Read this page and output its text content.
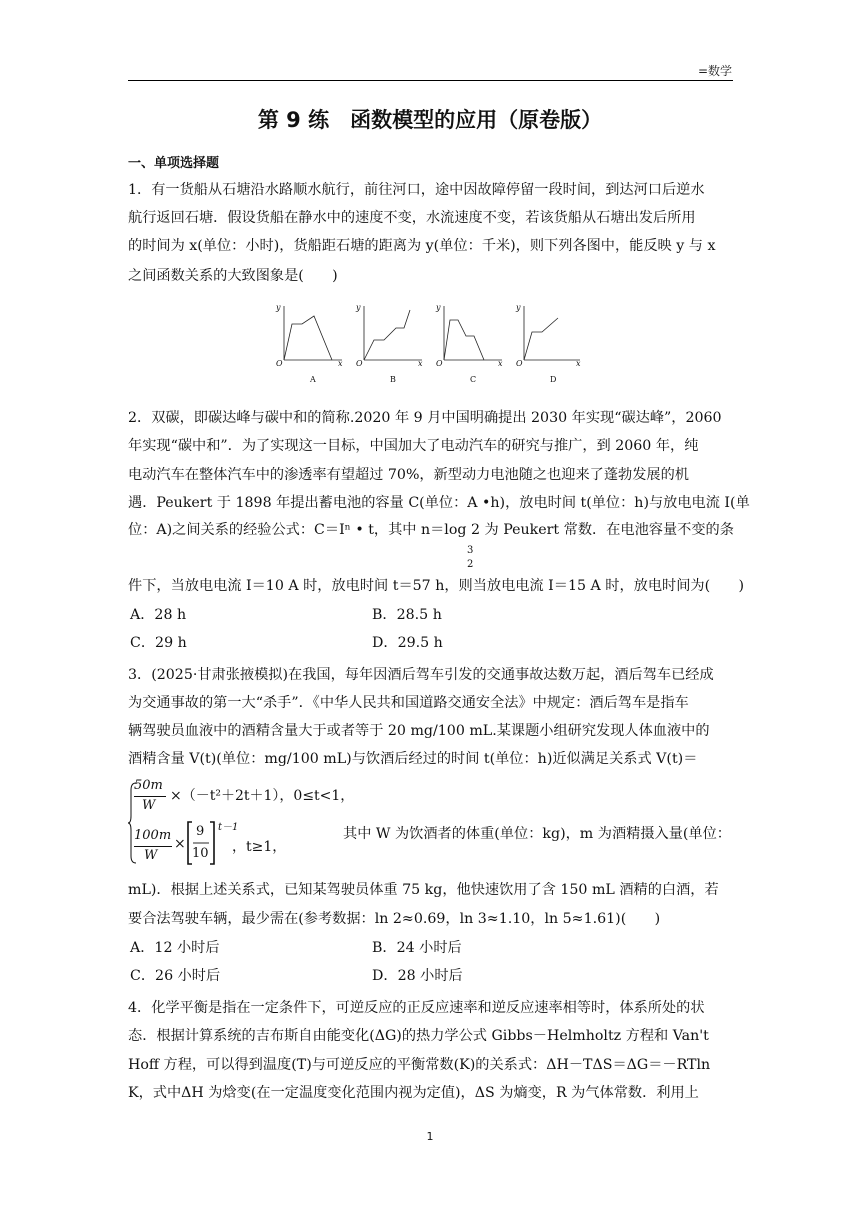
=数学
第 9 练　函数模型的应用（原卷版）
一、单项选择题
1．有一货船从石塘沿水路顺水航行，前往河口，途中因故障停留一段时间，到达河口后逆水
航行返回石塘．假设货船在静水中的速度不变，水流速度不变，若该货船从石塘出发后所用
的时间为 x(单位：小时)，货船距石塘的距离为 y(单位：千米)，则下列各图中，能反映 y 与 x
之间函数关系的大致图象是(　　)
y
x
O
A
y
x
O
B
y
x
O
C
y
x
O
D
2．双碳，即碳达峰与碳中和的简称.2020 年 9 月中国明确提出 2030 年实现“碳达峰”，2060
年实现“碳中和”．为了实现这一目标，中国加大了电动汽车的研究与推广，到 2060 年，纯
电动汽车在整体汽车中的渗透率有望超过 70%，新型动力电池随之也迎来了蓬勃发展的机
遇．Peukert 于 1898 年提出蓄电池的容量 C(单位：A •h)，放电时间 t(单位：h)与放电电流 I(单
位：A)之间关系的经验公式：C＝Iⁿ • t，其中 n＝log 2 为 Peukert 常数．在电池容量不变的条
3
2
件下，当放电电流 I＝10 A 时，放电时间 t＝57 h，则当放电电流 I＝15 A 时，放电时间为(　　)
A．28 h	B．28.5 h
C．29 h	D．29.5 h
3．(2025·甘肃张掖模拟)在我国，每年因酒后驾车引发的交通事故达数万起，酒后驾车已经成
为交通事故的第一大“杀手”．《中华人民共和国道路交通安全法》中规定：酒后驾车是指车
辆驾驶员血液中的酒精含量大于或者等于 20 mg/100 mL.某课题小组研究发现人体血液中的
酒精含量 V(t)(单位：mg/100 mL)与饮酒后经过的时间 t(单位：h)近似满足关系式 V(t)＝
50m
W
×（－t²＋2t＋1），0≤t<1，
100m
W
×
9
10
t－1
，t≥1，
其中 W 为饮酒者的体重(单位：kg)，m 为酒精摄入量(单位：
mL)．根据上述关系式，已知某驾驶员体重 75 kg，他快速饮用了含 150 mL 酒精的白酒，若
要合法驾驶车辆，最少需在(参考数据：ln 2≈0.69，ln 3≈1.10，ln 5≈1.61)(　　)
A．12 小时后	B．24 小时后
C．26 小时后	D．28 小时后
4．化学平衡是指在一定条件下，可逆反应的正反应速率和逆反应速率相等时，体系所处的状
态．根据计算系统的吉布斯自由能变化(ΔG)的热力学公式 Gibbs－Helmholtz 方程和 Van't
Hoff 方程，可以得到温度(T)与可逆反应的平衡常数(K)的关系式：ΔH－TΔS＝ΔG＝－RTln
K，式中ΔH 为焓变(在一定温度变化范围内视为定值)，ΔS 为熵变，R 为气体常数．利用上
1
